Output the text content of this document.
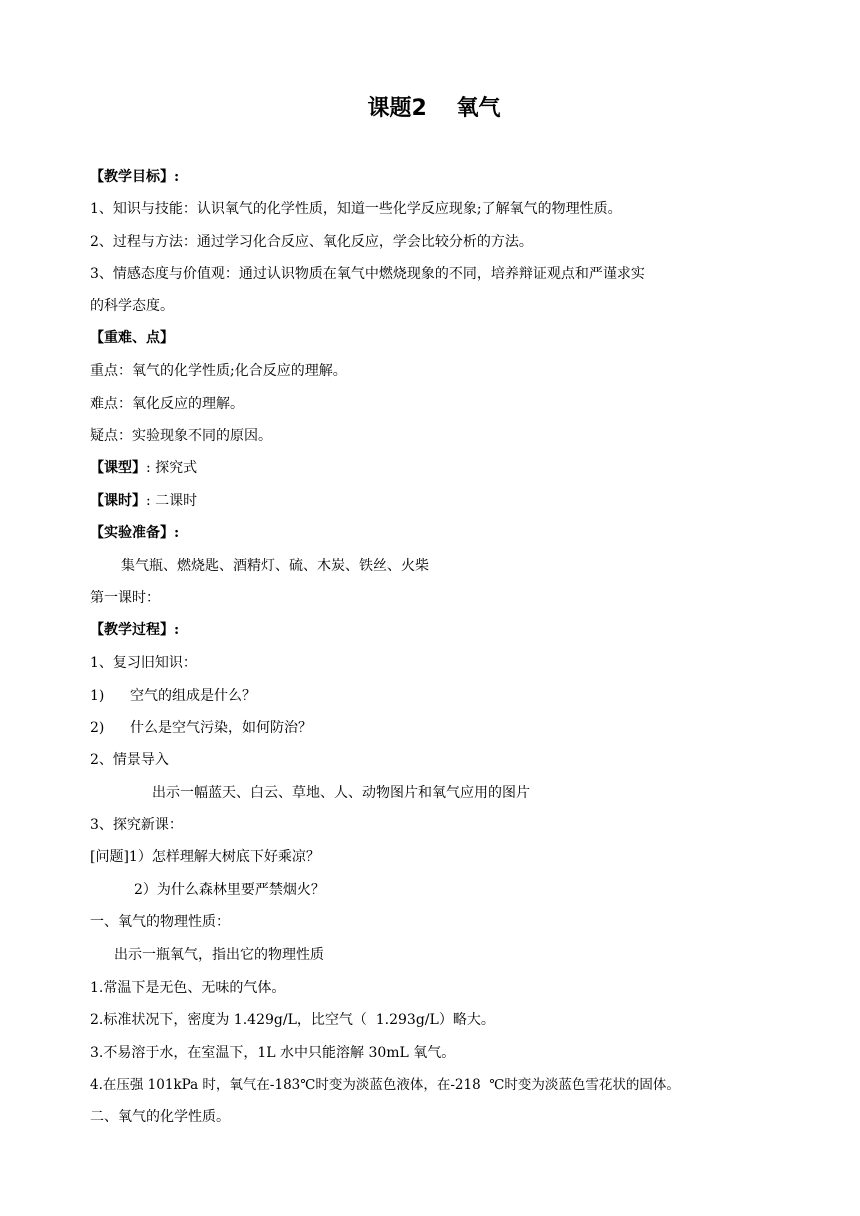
课题2　 氧气
【教学目标】:
1、知识与技能：认识氧气的化学性质，知道一些化学反应现象;了解氧气的物理性质。
2、过程与方法：通过学习化合反应、氧化反应，学会比较分析的方法。
3、情感态度与价值观：通过认识物质在氧气中燃烧现象的不同，培养辩证观点和严谨求实
的科学态度。
【重难、点】
重点：氧气的化学性质;化合反应的理解。
难点：氧化反应的理解。
疑点：实验现象不同的原因。
【课型】: 探究式
【课时】: 二课时
【实验准备】:
集气瓶、燃烧匙、酒精灯、硫、木炭、铁丝、火柴
第一课时：
【教学过程】:
1、复习旧知识：
1) 空气的组成是什么？
2) 什么是空气污染，如何防治？
2、情景导入
出示一幅蓝天、白云、草地、人、动物图片和氧气应用的图片
3、探究新课：
[问题]1）怎样理解大树底下好乘凉？
2）为什么森林里要严禁烟火？
一、氧气的物理性质：
出示一瓶氧气，指出它的物理性质
1.常温下是无色、无味的气体。
2.标准状况下，密度为 1.429g/L，比空气（  1.293g/L）略大。
3.不易溶于水，在室温下，1L 水中只能溶解 30mL 氧气。
4.在压强 101kPa 时，氧气在-183℃时变为淡蓝色液体，在-218  ℃时变为淡蓝色雪花状的固体。
二、氧气的化学性质。
